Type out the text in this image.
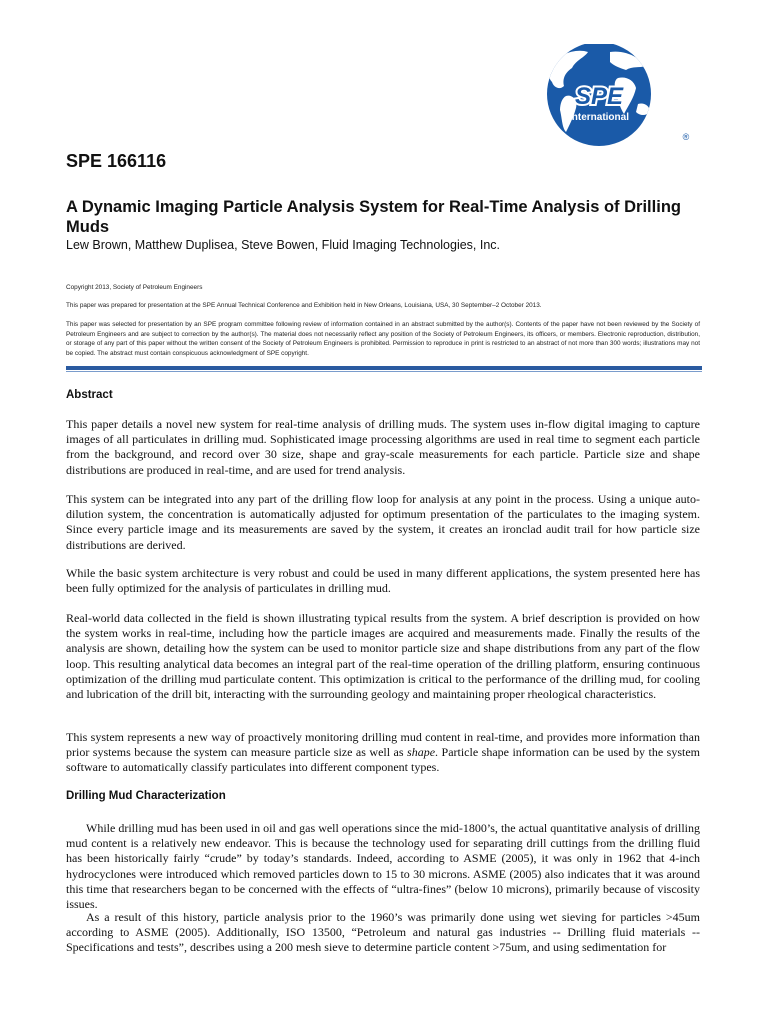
SPE
International
®
SPE 166116
A Dynamic Imaging Particle Analysis System for Real-Time Analysis of Drilling Muds
Lew Brown, Matthew Duplisea, Steve Bowen, Fluid Imaging Technologies, Inc.
Copyright 2013, Society of Petroleum Engineers
This paper was prepared for presentation at the SPE Annual Technical Conference and Exhibition held in New Orleans, Louisiana, USA, 30 September–2 October 2013.
This paper was selected for presentation by an SPE program committee following review of information contained in an abstract submitted by the author(s). Contents of the paper have not been reviewed by the Society of Petroleum Engineers and are subject to correction by the author(s). The material does not necessarily reflect any position of the Society of Petroleum Engineers, its officers, or members. Electronic reproduction, distribution, or storage of any part of this paper without the written consent of the Society of Petroleum Engineers is prohibited. Permission to reproduce in print is restricted to an abstract of not more than 300 words; illustrations may not be copied. The abstract must contain conspicuous acknowledgment of SPE copyright.
Abstract

This paper details a novel new system for real-time analysis of drilling muds. The system uses in-flow digital imaging to capture images of all particulates in drilling mud. Sophisticated image processing algorithms are used in real time to segment each particle from the background, and record over 30 size, shape and gray-scale measurements for each particle. Particle size and shape distributions are produced in real-time, and are used for trend analysis.

This system can be integrated into any part of the drilling flow loop for analysis at any point in the process. Using a unique auto-dilution system, the concentration is automatically adjusted for optimum presentation of the particulates to the imaging system. Since every particle image and its measurements are saved by the system, it creates an ironclad audit trail for how particle size distributions are derived.

While the basic system architecture is very robust and could be used in many different applications, the system presented here has been fully optimized for the analysis of particulates in drilling mud.

Real-world data collected in the field is shown illustrating typical results from the system. A brief description is provided on how the system works in real-time, including how the particle images are acquired and measurements made. Finally the results of the analysis are shown, detailing how the system can be used to monitor particle size and shape distributions from any part of the flow loop. This resulting analytical data becomes an integral part of the real-time operation of the drilling platform, ensuring continuous optimization of the drilling mud particulate content. This optimization is critical to the performance of the drilling mud, for cooling and lubrication of the drill bit, interacting with the surrounding geology and maintaining proper rheological characteristics.

This system represents a new way of proactively monitoring drilling mud content in real-time, and provides more information than prior systems because the system can measure particle size as well as shape. Particle shape information can be used by the system software to automatically classify particulates into different component types.

Drilling Mud Characterization

While drilling mud has been used in oil and gas well operations since the mid-1800’s, the actual quantitative analysis of drilling mud content is a relatively new endeavor. This is because the technology used for separating drill cuttings from the drilling fluid has been historically fairly “crude” by today’s standards. Indeed, according to ASME (2005), it was only in 1962 that 4-inch hydrocyclones were introduced which removed particles down to 15 to 30 microns. ASME (2005) also indicates that it was around this time that researchers began to be concerned with the effects of “ultra-fines” (below 10 microns), primarily because of viscosity issues.

As a result of this history, particle analysis prior to the 1960’s was primarily done using wet sieving for particles >45um according to ASME (2005). Additionally, ISO 13500, “Petroleum and natural gas industries -- Drilling fluid materials -- Specifications and tests”, describes using a 200 mesh sieve to determine particle content >75um, and using sedimentation for
